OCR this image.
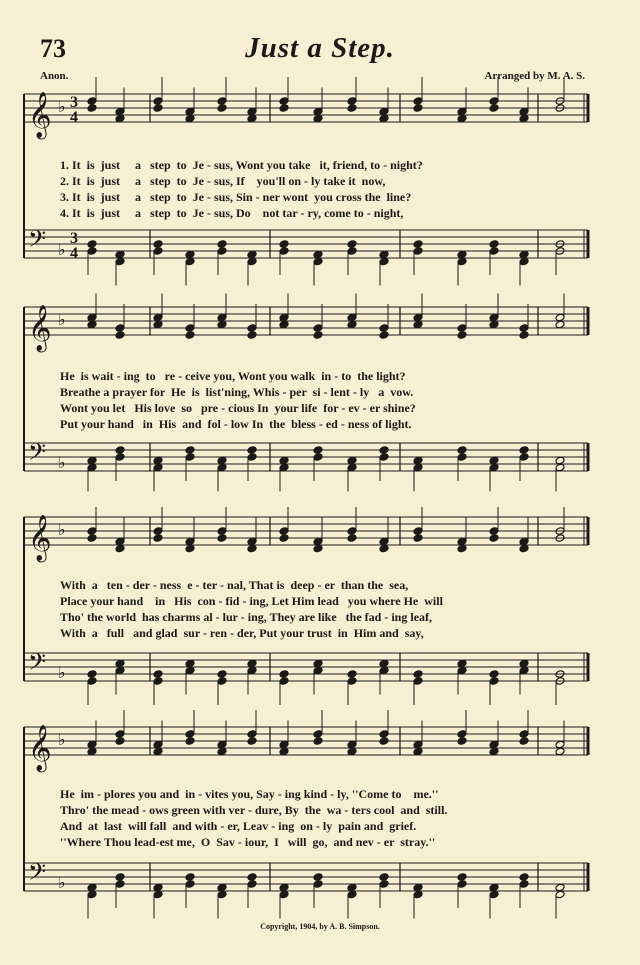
73	Just a Step.
Anon.	Arranged by M. A. S.
𝄞 ♭ 3
4
𝄢 ♭
3
4
1. It  is  just     a   step  to  Je - sus, Wont you take   it, friend, to - night?
2. It  is  just     a   step  to  Je - sus, If    you'll on - ly take it  now,
3. It  is  just     a   step  to  Je - sus, Sin - ner wont  you cross the  line?
4. It  is  just     a   step  to  Je - sus, Do    not tar - ry, come to - night,
𝄞 ♭
𝄢 ♭
He  is wait - ing  to   re - ceive you, Wont you walk  in - to  the light?
Breathe a prayer for  He  is  list'ning, Whis - per  si - lent - ly   a  vow.
Wont you let   His love  so   pre - cious In  your life  for - ev - er shine?
Put your hand   in  His  and  fol - low In  the  bless - ed - ness of light.
𝄞 ♭
𝄢 ♭
With  a   ten - der - ness  e - ter - nal, That is  deep - er  than the  sea,
Place your hand    in   His  con - fid - ing, Let Him lead   you where He  will
Tho' the world  has charms al - lur - ing, They are like   the fad - ing leaf,
With  a   full   and glad  sur - ren - der, Put your trust  in  Him and  say,
𝄞 ♭
𝄢 ♭
He  im - plores you and  in - vites you, Say - ing kind - ly, ''Come to    me.''
Thro' the mead - ows green with ver - dure, By  the  wa - ters cool  and  still.
And  at  last  will fall  and with - er, Leav - ing  on - ly  pain and  grief.
''Where Thou lead-est me,  O  Sav - iour,  I   will  go,  and nev - er  stray.''
Copyright, 1904, by A. B. Simpson.
